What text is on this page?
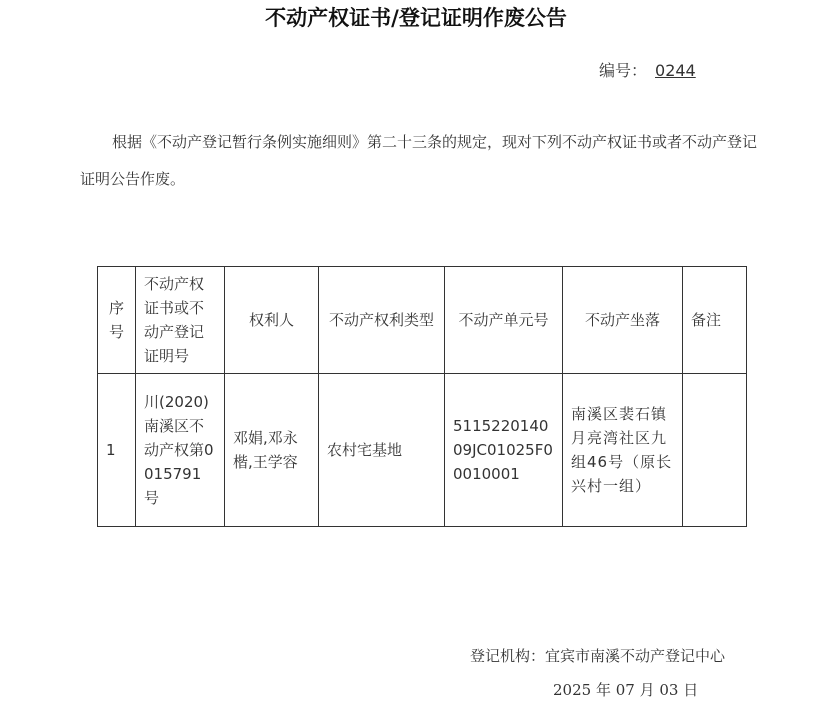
不动产权证书/登记证明作废公告
编号： 0244
根据《不动产登记暂行条例实施细则》第二十三条的规定，现对下列不动产权证书或者不动产登记证明公告作废。
序号	不动产权证书或不动产登记证明号	权利人	不动产权利类型	不动产单元号	不动产坐落	备注
1	川(2020)南溪区不动产权第0015791号	邓娟,邓永楷,王学容	农村宅基地	511522014009JC01025F00010001	南溪区裴石镇月亮湾社区九组46号（原长兴村一组）	
登记机构：宜宾市南溪不动产登记中心
2025 年 07 月 03 日
